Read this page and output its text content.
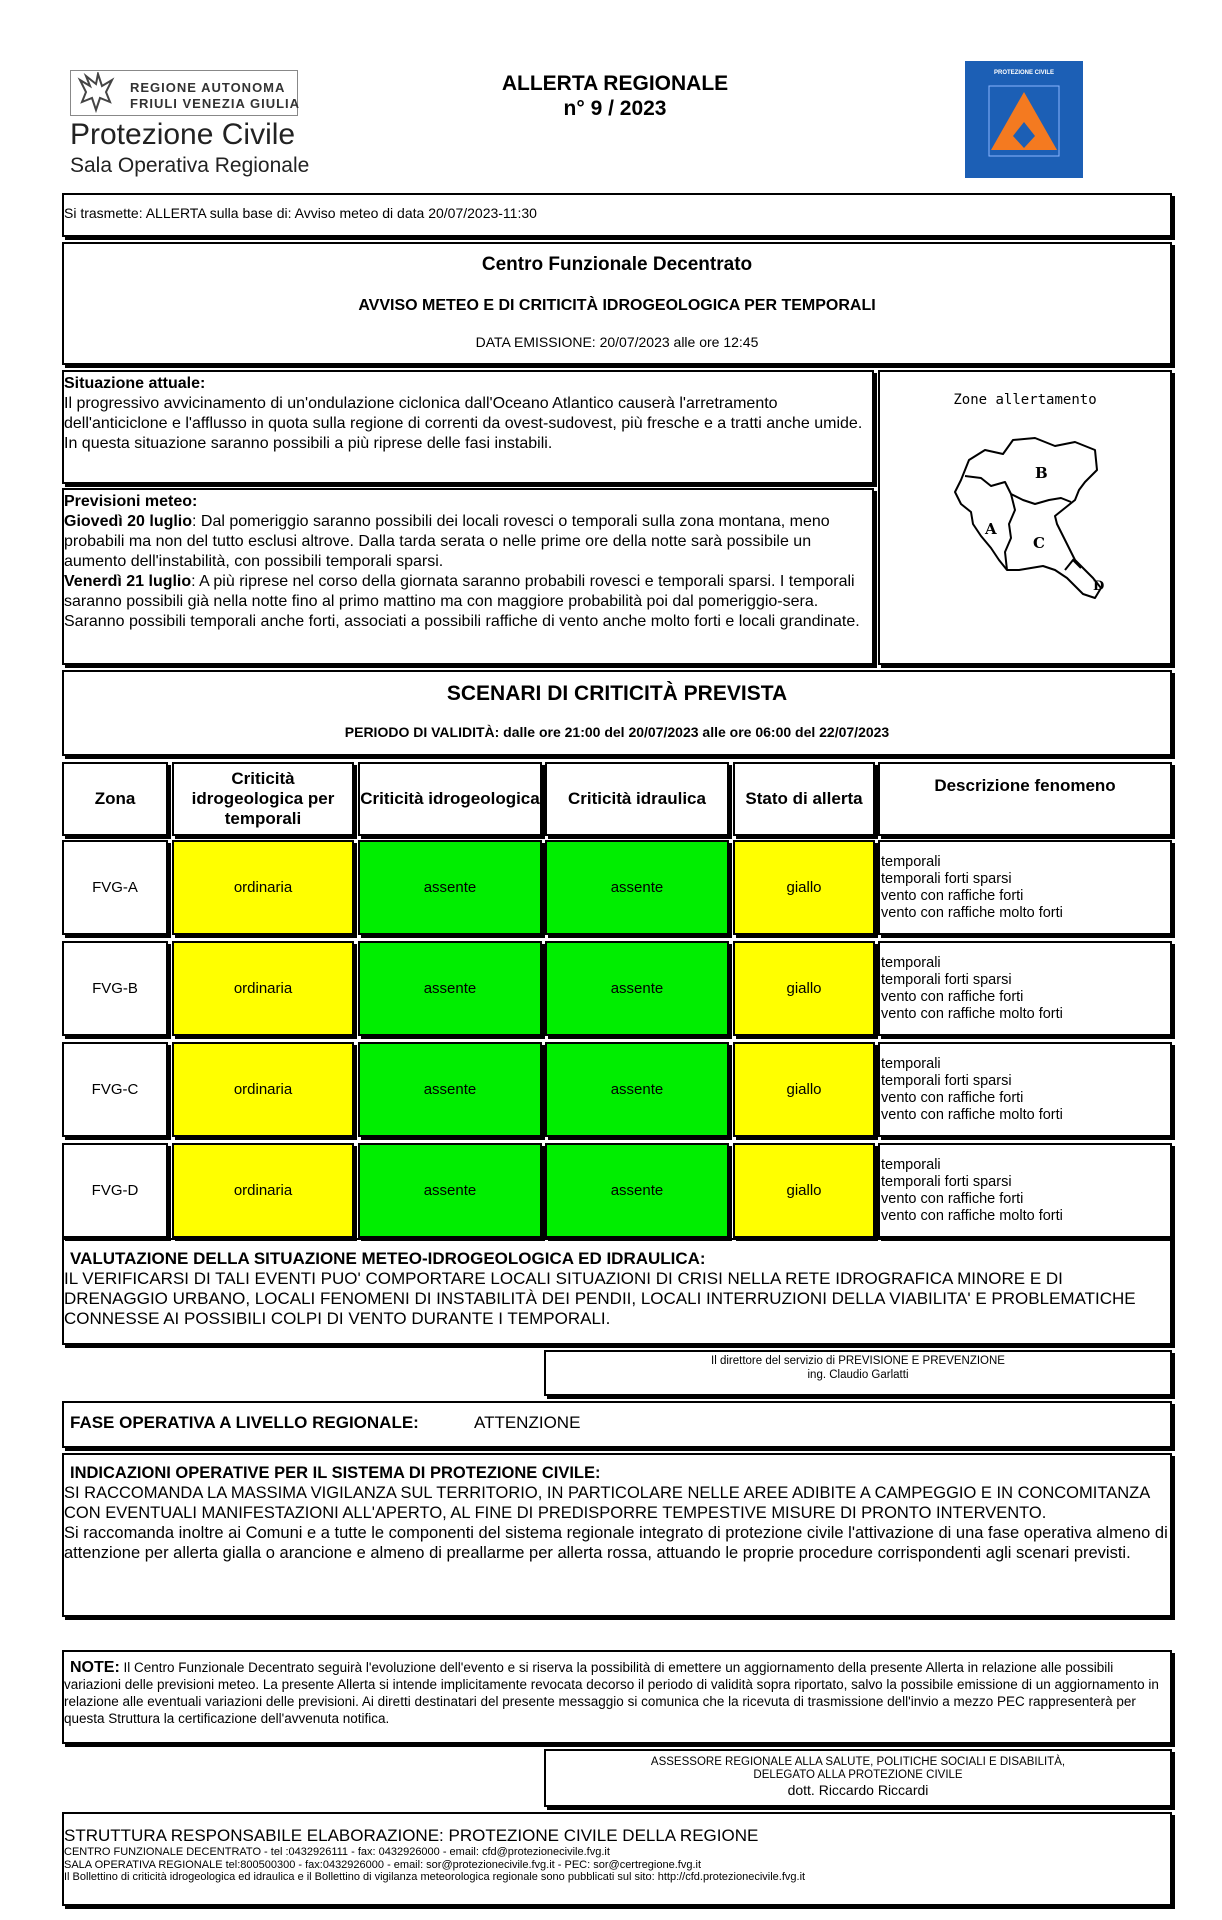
REGIONE AUTONOMA
FRIULI VENEZIA GIULIA
Protezione Civile
Sala Operativa Regionale
ALLERTA REGIONALE
n° 9 / 2023
PROTEZIONE CIVILE
Si trasmette: ALLERTA sulla base di: Avviso meteo di data 20/07/2023-11:30
Centro Funzionale Decentrato
AVVISO METEO E DI CRITICITÀ IDROGEOLOGICA PER TEMPORALI
DATA EMISSIONE: 20/07/2023 alle ore 12:45
Situazione attuale:
Il progressivo avvicinamento di un'ondulazione ciclonica dall'Oceano Atlantico causerà l'arretramento dell'anticiclone e l'afflusso in quota sulla regione di correnti da ovest-sudovest, più fresche e a tratti anche umide. In questa situazione saranno possibili a più riprese delle fasi instabili.
Previsioni meteo:
Giovedì 20 luglio: Dal pomeriggio saranno possibili dei locali rovesci o temporali sulla zona montana, meno probabili ma non del tutto esclusi altrove. Dalla tarda serata o nelle prime ore della notte sarà possibile un aumento dell'instabilità, con possibili temporali sparsi.
Venerdì 21 luglio: A più riprese nel corso della giornata saranno probabili rovesci e temporali sparsi. I temporali saranno possibili già nella notte fino al primo mattino ma con maggiore probabilità poi dal pomeriggio-sera. Saranno possibili temporali anche forti, associati a possibili raffiche di vento anche molto forti e locali grandinate.
Zone allertamento
A
B
C
D
SCENARI DI CRITICITÀ PREVISTA
PERIODO DI VALIDITÀ: dalle ore 21:00 del 20/07/2023 alle ore 06:00 del 22/07/2023
Zona
Criticità idrogeologica per temporali
Criticità idrogeologica	Criticità idraulica	Stato di allerta
Descrizione fenomeno
FVG-A	ordinaria	assente	assente	giallo
temporali
temporali forti sparsi
vento con raffiche forti
vento con raffiche molto forti
FVG-B	ordinaria	assente	assente	giallo
temporali
temporali forti sparsi
vento con raffiche forti
vento con raffiche molto forti
FVG-C	ordinaria	assente	assente	giallo
temporali
temporali forti sparsi
vento con raffiche forti
vento con raffiche molto forti
FVG-D	ordinaria	assente	assente	giallo
temporali
temporali forti sparsi
vento con raffiche forti
vento con raffiche molto forti
VALUTAZIONE DELLA SITUAZIONE METEO-IDROGEOLOGICA ED IDRAULICA:
IL VERIFICARSI DI TALI EVENTI PUO' COMPORTARE LOCALI SITUAZIONI DI CRISI NELLA RETE IDROGRAFICA MINORE E DI DRENAGGIO URBANO, LOCALI FENOMENI DI INSTABILITÀ DEI PENDII, LOCALI INTERRUZIONI DELLA VIABILITA' E PROBLEMATICHE CONNESSE AI POSSIBILI COLPI DI VENTO DURANTE I TEMPORALI.
Il direttore del servizio di PREVISIONE E PREVENZIONE
ing. Claudio Garlatti
FASE OPERATIVA A LIVELLO REGIONALE:	ATTENZIONE
INDICAZIONI OPERATIVE PER IL SISTEMA DI PROTEZIONE CIVILE:
SI RACCOMANDA LA MASSIMA VIGILANZA SUL TERRITORIO, IN PARTICOLARE NELLE AREE ADIBITE A CAMPEGGIO E IN CONCOMITANZA CON EVENTUALI MANIFESTAZIONI ALL'APERTO, AL FINE DI PREDISPORRE TEMPESTIVE MISURE DI PRONTO INTERVENTO.
Si raccomanda inoltre ai Comuni e a tutte le componenti del sistema regionale integrato di protezione civile l'attivazione di una fase operativa almeno di attenzione per allerta gialla o arancione e almeno di preallarme per allerta rossa, attuando le proprie procedure corrispondenti agli scenari previsti.
NOTE: Il Centro Funzionale Decentrato seguirà l'evoluzione dell'evento e si riserva la possibilità di emettere un aggiornamento della presente Allerta in relazione alle possibili variazioni delle previsioni meteo. La presente Allerta si intende implicitamente revocata decorso il periodo di validità sopra riportato, salvo la possibile emissione di un aggiornamento in relazione alle eventuali variazioni delle previsioni. Ai diretti destinatari del presente messaggio si comunica che la ricevuta di trasmissione dell'invio a mezzo PEC rappresenterà per questa Struttura la certificazione dell'avvenuta notifica.
ASSESSORE REGIONALE ALLA SALUTE, POLITICHE SOCIALI E DISABILITÀ,
DELEGATO ALLA PROTEZIONE CIVILE
dott. Riccardo Riccardi
STRUTTURA RESPONSABILE ELABORAZIONE: PROTEZIONE CIVILE DELLA REGIONE
CENTRO FUNZIONALE DECENTRATO - tel :0432926111 - fax: 0432926000 - email: cfd@protezionecivile.fvg.it
SALA OPERATIVA REGIONALE tel:800500300 - fax:0432926000 - email: sor@protezionecivile.fvg.it - PEC: sor@certregione.fvg.it
Il Bollettino di criticità idrogeologica ed idraulica e il Bollettino di vigilanza meteorologica regionale sono pubblicati sul sito: http://cfd.protezionecivile.fvg.it
